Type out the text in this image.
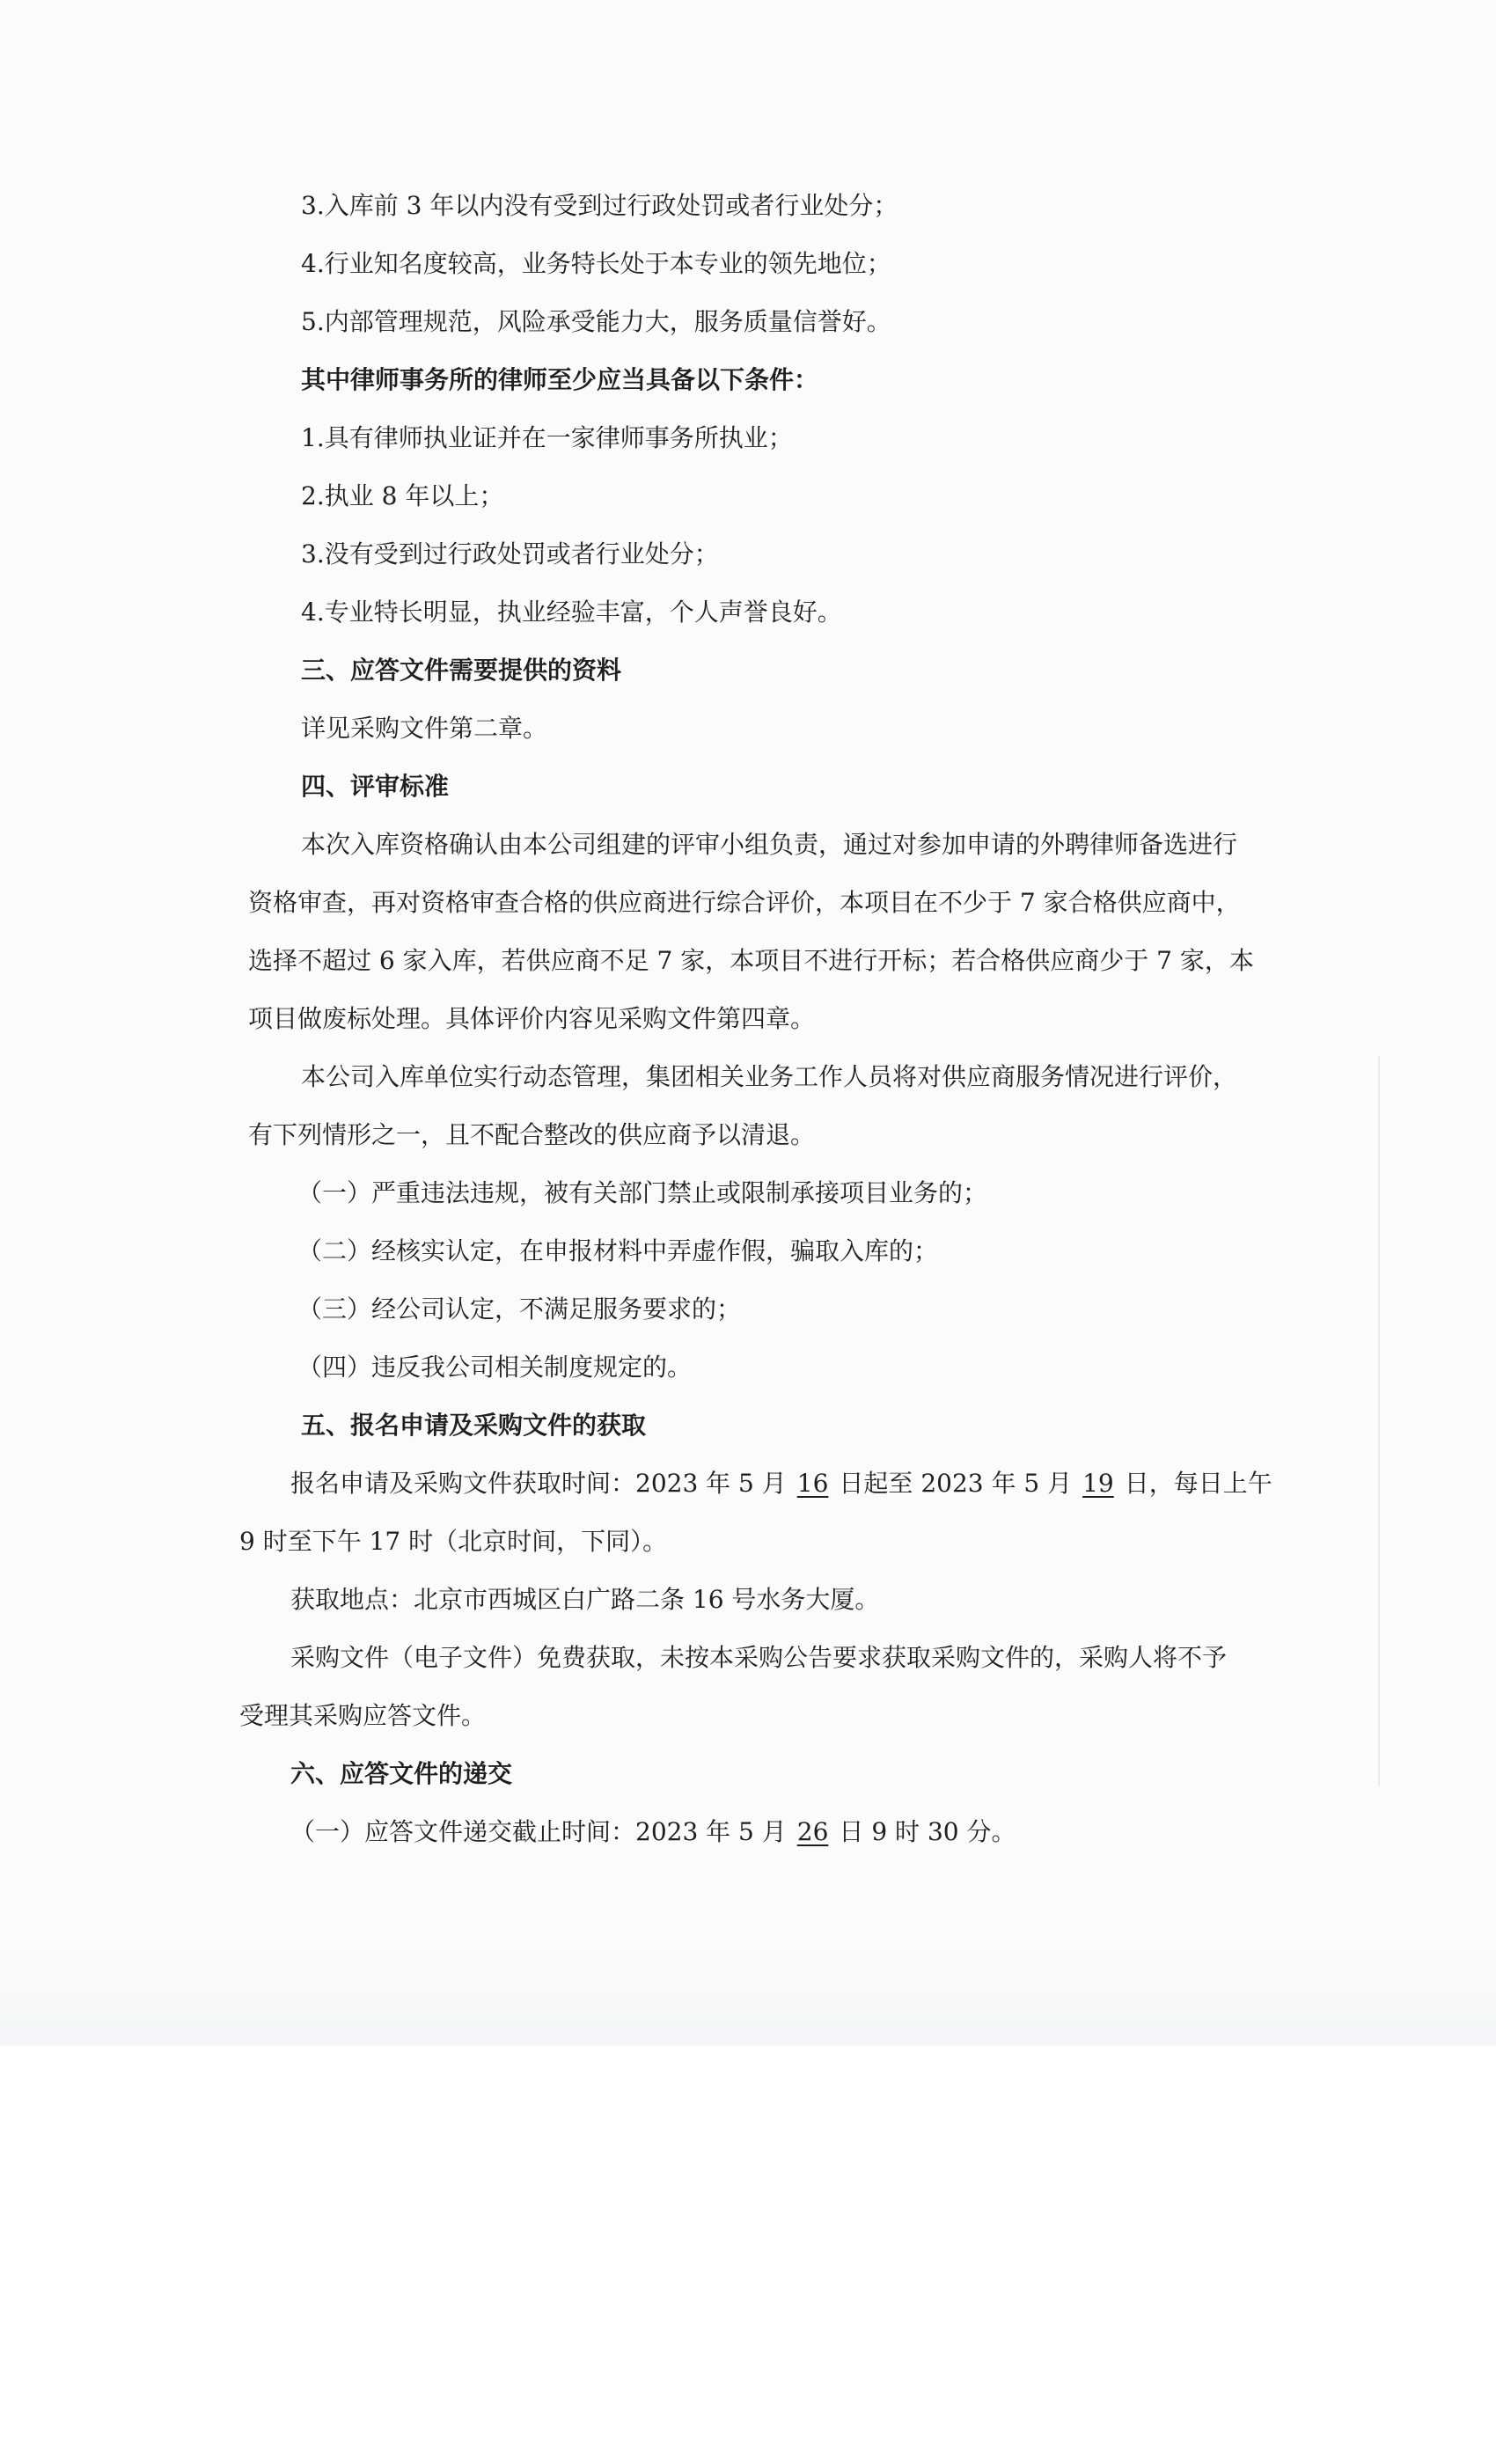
3.入库前 3 年以内没有受到过行政处罚或者行业处分；
4.行业知名度较高，业务特长处于本专业的领先地位；
5.内部管理规范，风险承受能力大，服务质量信誉好。
其中律师事务所的律师至少应当具备以下条件：
1.具有律师执业证并在一家律师事务所执业；
2.执业 8 年以上；
3.没有受到过行政处罚或者行业处分；
4.专业特长明显，执业经验丰富，个人声誉良好。
三、应答文件需要提供的资料
详见采购文件第二章。
四、评审标准
本次入库资格确认由本公司组建的评审小组负责，通过对参加申请的外聘律师备选进行
资格审查，再对资格审查合格的供应商进行综合评价，本项目在不少于 7 家合格供应商中，
选择不超过 6 家入库，若供应商不足 7 家，本项目不进行开标；若合格供应商少于 7 家，本
项目做废标处理。具体评价内容见采购文件第四章。
本公司入库单位实行动态管理，集团相关业务工作人员将对供应商服务情况进行评价，
有下列情形之一，且不配合整改的供应商予以清退。
（一）严重违法违规，被有关部门禁止或限制承接项目业务的；
（二）经核实认定，在申报材料中弄虚作假，骗取入库的；
（三）经公司认定，不满足服务要求的；
（四）违反我公司相关制度规定的。
五、报名申请及采购文件的获取
报名申请及采购文件获取时间：2023 年 5 月 16 日起至 2023 年 5 月 19 日，每日上午
9 时至下午 17 时（北京时间，下同）。
获取地点：北京市西城区白广路二条 16 号水务大厦。
采购文件（电子文件）免费获取，未按本采购公告要求获取采购文件的，采购人将不予
受理其采购应答文件。
六、应答文件的递交
（一）应答文件递交截止时间：2023 年 5 月 26 日 9 时 30 分。
